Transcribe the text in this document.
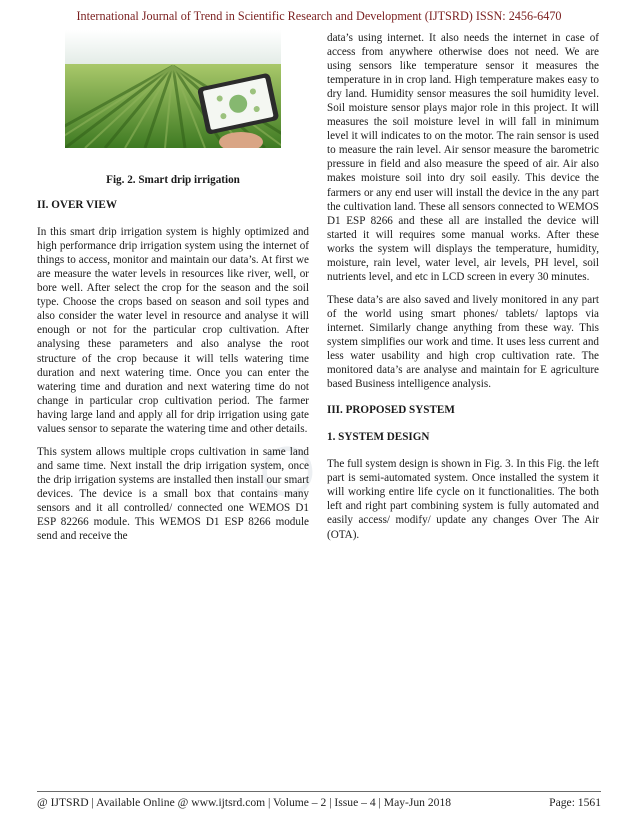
International Journal of Trend in Scientific Research and Development (IJTSRD) ISSN: 2456-6470
◯
Fig. 2. Smart drip irrigation
II. OVER VIEW

In this smart drip irrigation system is highly optimized and high performance drip irrigation system using the internet of things to access, monitor and maintain our data’s. At first we are measure the water levels in resources like river, well, or bore well. After select the crop for the season and the soil type. Choose the crops based on season and soil types and also consider the water level in resource and analyse it will enough or not for the particular crop cultivation. After analysing these parameters and also analyse the root structure of the crop because it will tells watering time duration and next watering time. Once you can enter the watering time and duration and next watering time do not change in particular crop cultivation period. The farmer having large land and apply all for drip irrigation using gate values sensor to separate the watering time and other details.

This system allows multiple crops cultivation in same land and same time. Next install the drip irrigation system, once the drip irrigation systems are installed then install our smart devices. The device is a small box that contains many sensors and it all controlled/ connected one WEMOS D1 ESP 82266 module. This WEMOS D1 ESP 8266 module send and receive the

data’s using internet. It also needs the internet in case of access from anywhere otherwise does not need. We are using sensors like temperature sensor it measures the temperature in in crop land. High temperature makes easy to dry land. Humidity sensor measures the soil humidity level. Soil moisture sensor plays major role in this project. It will measures the soil moisture level in will fall in minimum level it will indicates to on the motor. The rain sensor is used to measure the rain level. Air sensor measure the barometric pressure in field and also measure the speed of air. Air also makes moisture soil into dry soil easily. This device the farmers or any end user will install the device in the any part the cultivation land. These all sensors connected to WEMOS D1 ESP 8266 and these all are installed the device will started it will requires some manual works. After these works the system will displays the temperature, humidity, moisture, rain level, water level, air levels, PH level, soil nutrients level, and etc in LCD screen in every 30 minutes.

These data’s are also saved and lively monitored in any part of the world using smart phones/ tablets/ laptops via internet. Similarly change anything from these way. This system simplifies our work and time. It uses less current and less water usability and high crop cultivation rate. The monitored data’s are analyse and maintain for E agriculture based Business intelligence analysis.

III. PROPOSED SYSTEM
1. SYSTEM DESIGN

The full system design is shown in Fig. 3. In this Fig. the left part is semi-automated system. Once installed the system it will working entire life cycle on it functionalities. The both left and right part combining system is fully automated and easily access/ modify/ update any changes Over The Air (OTA).

@ IJTSRD | Available Online @ www.ijtsrd.com | Volume – 2 | Issue – 4 | May-Jun 2018	Page: 1561
